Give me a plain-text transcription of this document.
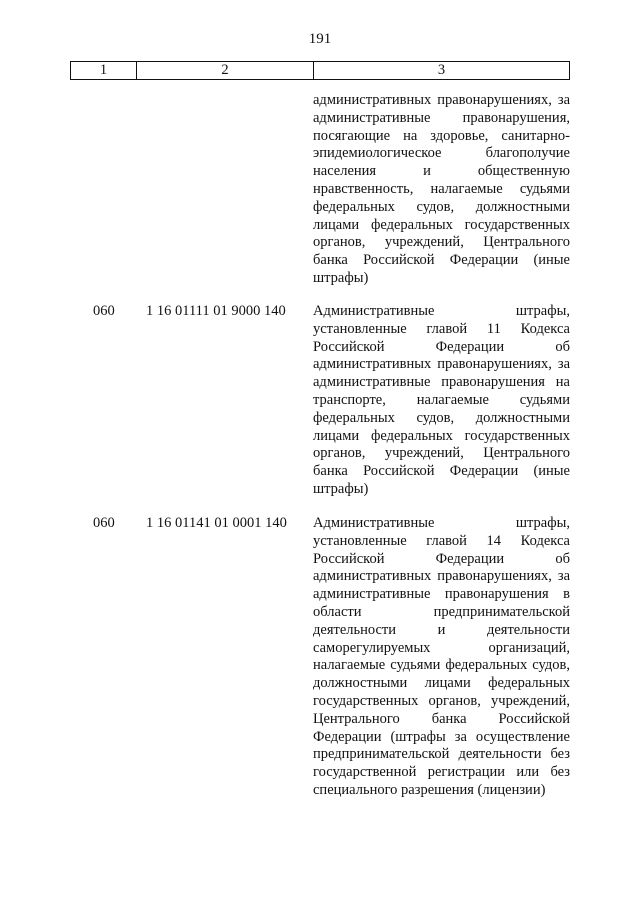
191
1	2	3
административных правонарушениях, за административные правонарушения, посягающие на здоровье, санитарно-эпидемиологическое благополучие населения и общественную нравственность, налагаемые судьями федеральных судов, должностными лицами федеральных государственных органов, учреждений, Центрального банка Российской Федерации (иные штрафы)
060 1 16 01111 01 9000 140 Административные штрафы, установленные главой 11 Кодекса Российской Федерации об административных правонарушениях, за административные правонарушения на транспорте, налагаемые судьями федеральных судов, должностными лицами федеральных государственных органов, учреждений, Центрального банка Российской Федерации (иные штрафы)
060 1 16 01141 01 0001 140 Административные штрафы, установленные главой 14 Кодекса Российской Федерации об административных правонарушениях, за административные правонарушения в области предпринимательской деятельности и деятельности саморегулируемых организаций, налагаемые судьями федеральных судов, должностными лицами федеральных государственных органов, учреждений, Центрального банка Российской Федерации (штрафы за осуществление предпринимательской деятельности без государственной регистрации или без специального разрешения (лицензии)
